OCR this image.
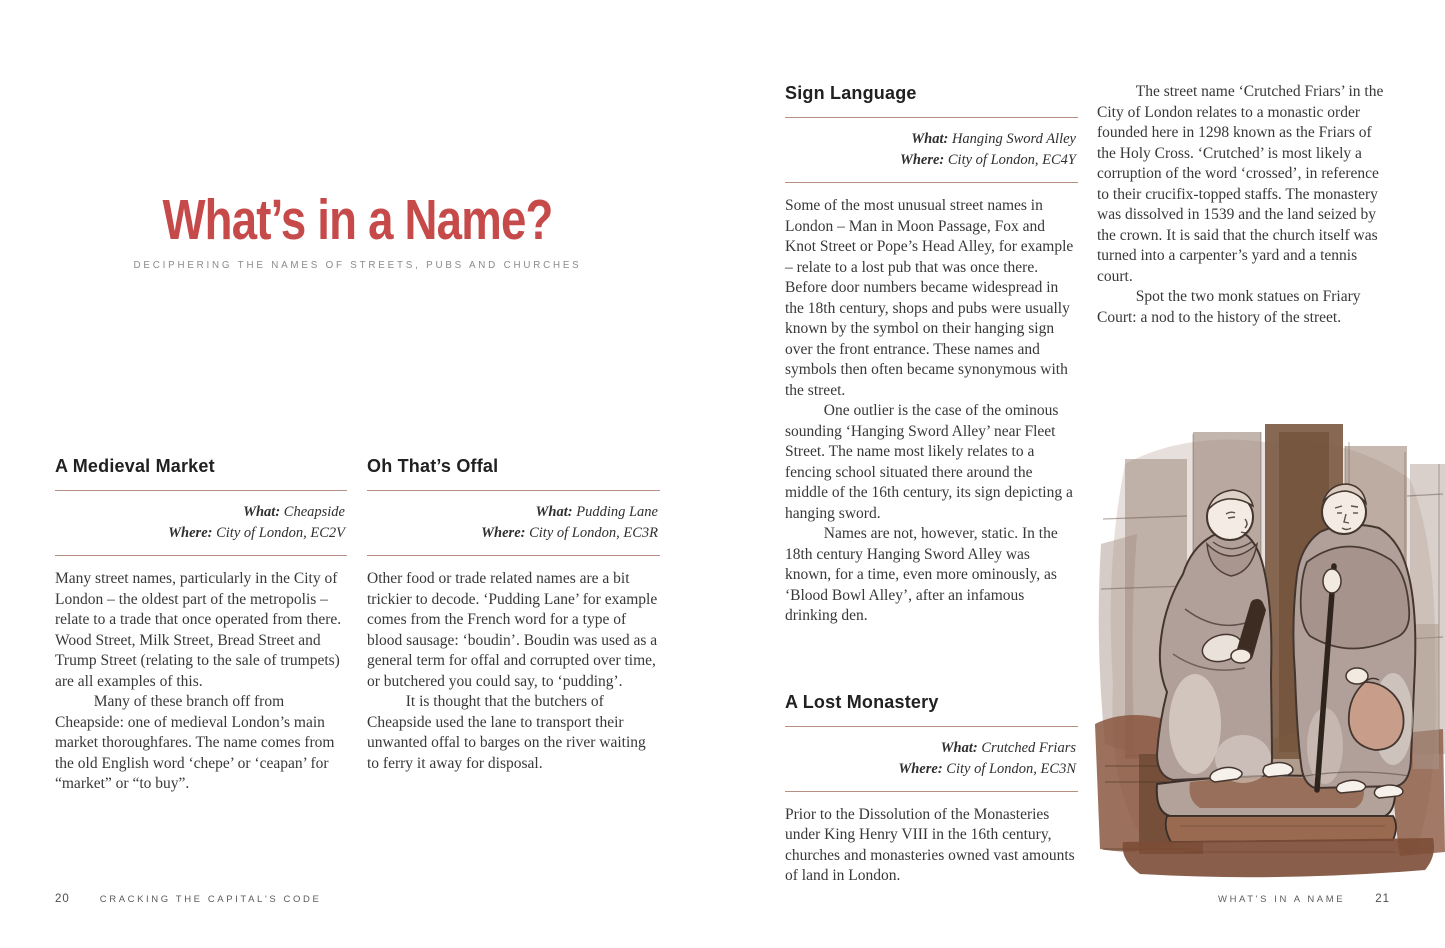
What’s in a Name?

DECIPHERING THE NAMES OF STREETS, PUBS AND CHURCHES

A Medieval Market
What: Cheapside
Where: City of London, EC2V

Many street names, particularly in the City of London – the oldest part of the metropolis – relate to a trade that once operated from there. Wood Street, Milk Street, Bread Street and Trump Street (relating to the sale of trumpets) are all examples of this.

Many of these branch off from Cheapside: one of medieval London’s main market thoroughfares. The name comes from the old English word ‘chepe’ or ‘ceapan’ for “market” or “to buy”.

Oh That’s Offal
What: Pudding Lane
Where: City of London, EC3R

Other food or trade related names are a bit trickier to decode. ‘Pudding Lane’ for example comes from the French word for a type of blood sausage: ‘boudin’. Boudin was used as a general term for offal and corrupted over time, or butchered you could say, to ‘pudding’.

It is thought that the butchers of Cheapside used the lane to transport their unwanted offal to barges on the river waiting to ferry it away for disposal.

20	CRACKING THE CAPITAL'S CODE
Sign Language
What: Hanging Sword Alley
Where: City of London, EC4Y

Some of the most unusual street names in London – Man in Moon Passage, Fox and Knot Street or Pope’s Head Alley, for example – relate to a lost pub that was once there. Before door numbers became widespread in the 18th century, shops and pubs were usually known by the symbol on their hanging sign over the front entrance. These names and symbols then often became synonymous with the street.

One outlier is the case of the ominous sounding ‘Hanging Sword Alley’ near Fleet Street. The name most likely relates to a fencing school situated there around the middle of the 16th century, its sign depicting a hanging sword.

Names are not, however, static. In the 18th century Hanging Sword Alley was known, for a time, even more ominously, as ‘Blood Bowl Alley’, after an infamous drinking den.

A Lost Monastery
What: Crutched Friars
Where: City of London, EC3N

Prior to the Dissolution of the Monasteries under King Henry VIII in the 16th century, churches and monasteries owned vast amounts of land in London.

The street name ‘Crutched Friars’ in the City of London relates to a monastic order founded here in 1298 known as the Friars of the Holy Cross. ‘Crutched’ is most likely a corruption of the word ‘crossed’, in reference to their crucifix-topped staffs. The monastery was dissolved in 1539 and the land seized by the crown. It is said that the church itself was turned into a carpenter’s yard and a tennis court.

Spot the two monk statues on Friary Court: a nod to the history of the street.

WHAT'S IN A NAME	21
